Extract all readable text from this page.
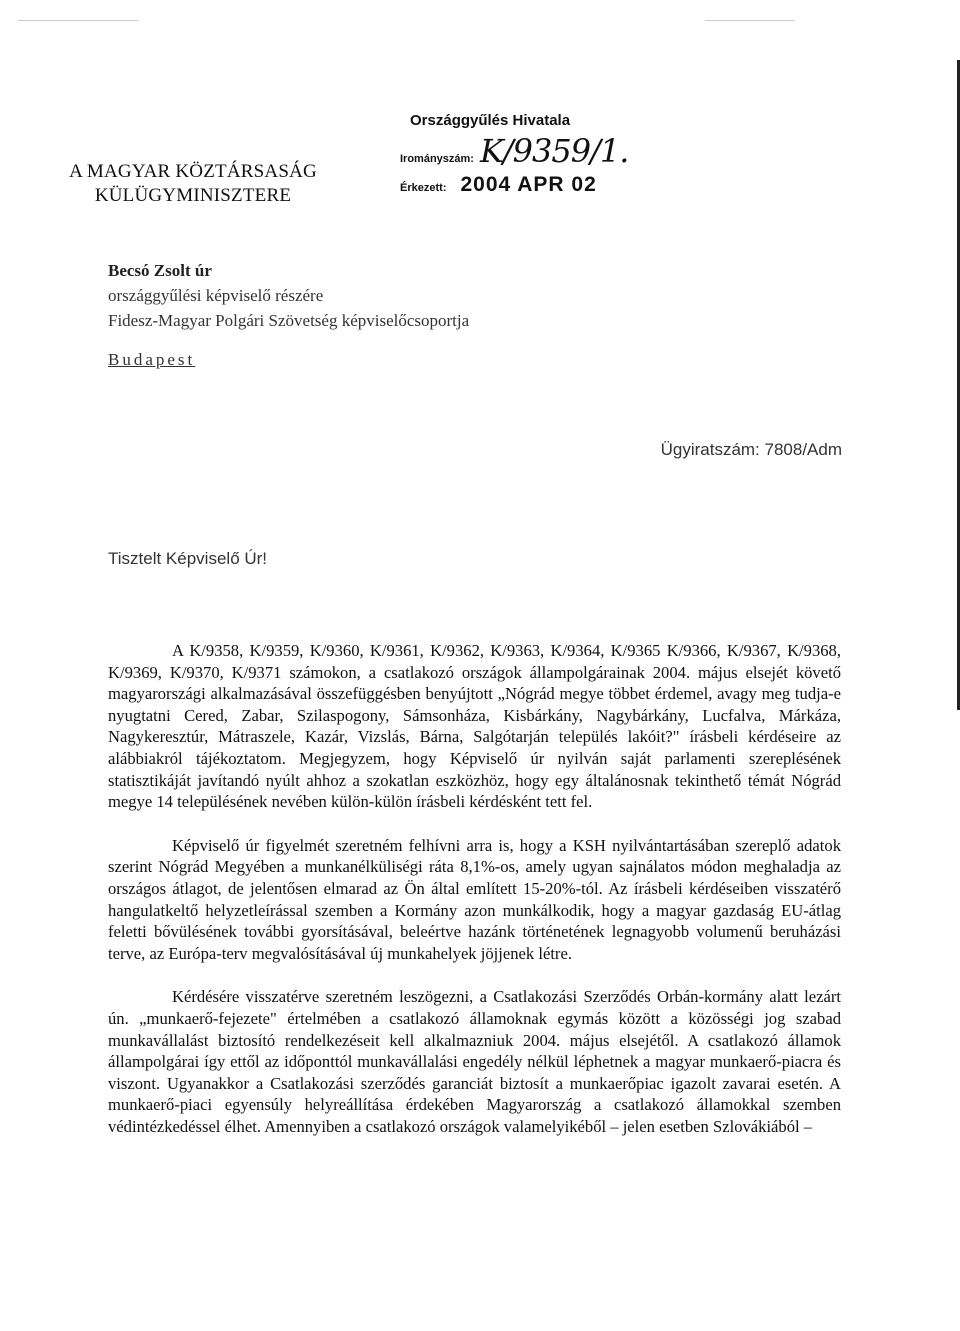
A MAGYAR KÖZTÁRSASÁG
KÜLÜGYMINISZTERE
Országgyűlés Hivatala
Irományszám: K/9359/1.
Érkezett: 2004 APR 02
Becsó Zsolt úr
országgyűlési képviselő részére
Fidesz-Magyar Polgári Szövetség képviselőcsoportja
Budapest
Ügyiratszám: 7808/Adm
Tisztelt Képviselő Úr!

A K/9358, K/9359, K/9360, K/9361, K/9362, K/9363, K/9364, K/9365 K/9366, K/9367, K/9368, K/9369, K/9370, K/9371 számokon, a csatlakozó országok állampolgárainak 2004. május elsejét követő magyarországi alkalmazásával összefüggésben benyújtott „Nógrád megye többet érdemel, avagy meg tudja-e nyugtatni Cered, Zabar, Szilaspogony, Sámsonháza, Kisbárkány, Nagybárkány, Lucfalva, Márkáza, Nagykeresztúr, Mátraszele, Kazár, Vizslás, Bárna, Salgótarján település lakóit?" írásbeli kérdéseire az alábbiakról tájékoztatom. Megjegyzem, hogy Képviselő úr nyilván saját parlamenti szereplésének statisztikáját javítandó nyúlt ahhoz a szokatlan eszközhöz, hogy egy általánosnak tekinthető témát Nógrád megye 14 településének nevében külön-külön írásbeli kérdésként tett fel.

Képviselő úr figyelmét szeretném felhívni arra is, hogy a KSH nyilvántartásában szereplő adatok szerint Nógrád Megyében a munkanélküliségi ráta 8,1%-os, amely ugyan sajnálatos módon meghaladja az országos átlagot, de jelentősen elmarad az Ön által említett 15-20%-tól. Az írásbeli kérdéseiben visszatérő hangulatkeltő helyzetleírással szemben a Kormány azon munkálkodik, hogy a magyar gazdaság EU-átlag feletti bővülésének további gyorsításával, beleértve hazánk történetének legnagyobb volumenű beruházási terve, az Európa-terv megvalósításával új munkahelyek jöjjenek létre.

Kérdésére visszatérve szeretném leszögezni, a Csatlakozási Szerződés Orbán-kormány alatt lezárt ún. „munkaerő-fejezete" értelmében a csatlakozó államoknak egymás között a közösségi jog szabad munkavállalást biztosító rendelkezéseit kell alkalmazniuk 2004. május elsejétől. A csatlakozó államok állampolgárai így ettől az időponttól munkavállalási engedély nélkül léphetnek a magyar munkaerő-piacra és viszont. Ugyanakkor a Csatlakozási szerződés garanciát biztosít a munkaerőpiac igazolt zavarai esetén. A munkaerő-piaci egyensúly helyreállítása érdekében Magyarország a csatlakozó államokkal szemben védintézkedéssel élhet. Amennyiben a csatlakozó országok valamelyikéből – jelen esetben Szlovákiából –
